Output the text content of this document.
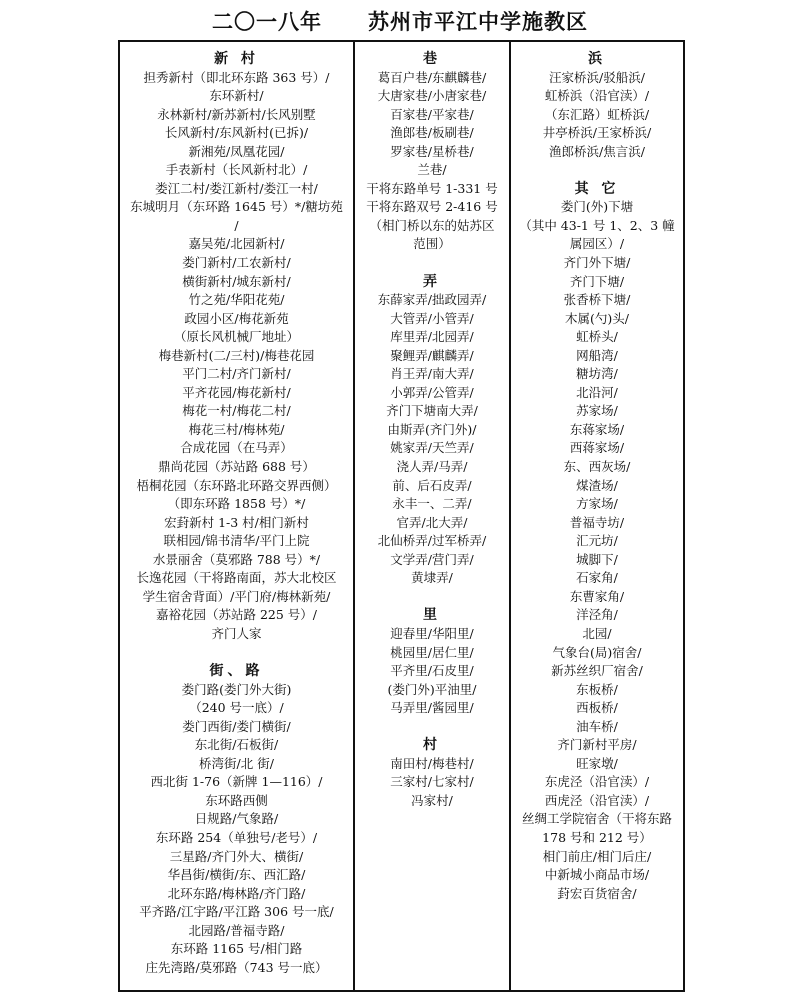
二〇一八年 苏州市平江中学施教区
新 村
担秀新村（即北环东路 363 号）/
东环新村/
永林新村/新苏新村/长风别墅
长风新村/东风新村(已拆)/
新湘苑/凤凰花园/
手表新村（长风新村北）/
娄江二村/娄江新村/娄江一村/
东城明月（东环路 1645 号）*/糖坊苑
/
嘉吴苑/北园新村/
娄门新村/工农新村/
横街新村/城东新村/
竹之苑/华阳花苑/
政园小区/梅花新苑
（原长风机械厂地址）
梅巷新村(二/三村)/梅巷花园
平门二村/齐门新村/
平齐花园/梅花新村/
梅花一村/梅花二村/
梅花三村/梅林苑/
合成花园（在马弄）
鼎尚花园（苏站路 688 号）
梧桐花园（东环路北环路交界西侧）
（即东环路 1858 号）*/
宏葑新村 1-3 村/相门新村
联相园/锦书清华/平门上院
水景丽舍（莫邪路 788 号）*/
长逸花园（干将路南面，苏大北校区
学生宿舍背面）/平门府/梅林新苑/
嘉裕花园（苏站路 225 号）/
齐门人家
街、路
娄门路(娄门外大街)
（240 号一底）/
娄门西街/娄门横街/
东北街/石板街/
桥湾街/北 街/
西北街 1-76（新牌 1—116）/
东环路西侧
日规路/气象路/
东环路 254（单独号/老号）/
三星路/齐门外大、横街/
华昌街/横街/东、西汇路/
北环东路/梅林路/齐门路/
平齐路/江宇路/平江路 306 号一底/
北园路/普福寺路/
东环路 1165 号/相门路
庄先湾路/莫邪路（743 号一底）
巷
葛百户巷/东麒麟巷/
大唐家巷/小唐家巷/
百家巷/平家巷/
渔郎巷/板刷巷/
罗家巷/星桥巷/
兰巷/
干将东路单号 1-331 号
干将东路双号 2-416 号
（相门桥以东的姑苏区
范围）
弄
东薛家弄/拙政园弄/
大管弄/小管弄/
库里弄/北园弄/
聚鲤弄/麒麟弄/
肖王弄/南大弄/
小郭弄/公管弄/
齐门下塘南大弄/
由斯弄(齐门外)/
姚家弄/天竺弄/
浇人弄/马弄/
前、后石皮弄/
永丰一、二弄/
官弄/北大弄/
北仙桥弄/过军桥弄/
文学弄/营门弄/
黄埭弄/
里
迎春里/华阳里/
桃园里/居仁里/
平齐里/石皮里/
(娄门外)平油里/
马弄里/酱园里/
村
南田村/梅巷村/
三家村/七家村/
冯家村/
浜
汪家桥浜/驳船浜/
虹桥浜（沿官渎）/
（东汇路）虹桥浜/
井亭桥浜/王家桥浜/
渔郎桥浜/焦言浜/
其 它
娄门(外)下塘
（其中 43-1 号 1、2、3 幢
属园区）/
齐门外下塘/
齐门下塘/
张香桥下塘/
木属(勺)头/
虹桥头/
网船湾/
糖坊湾/
北沿河/
苏家场/
东蒋家场/
西蒋家场/
东、西灰场/
煤渣场/
方家场/
普福寺坊/
汇元坊/
城脚下/
石家角/
东曹家角/
洋泾角/
北园/
气象台(局)宿舍/
新苏丝织厂宿舍/
东板桥/
西板桥/
油车桥/
齐门新村平房/
旺家墩/
东虎泾（沿官渎）/
西虎泾（沿官渎）/
丝绸工学院宿舍（干将东路
178 号和 212 号）
相门前庄/相门后庄/
中新城小商品市场/
葑宏百货宿舍/
